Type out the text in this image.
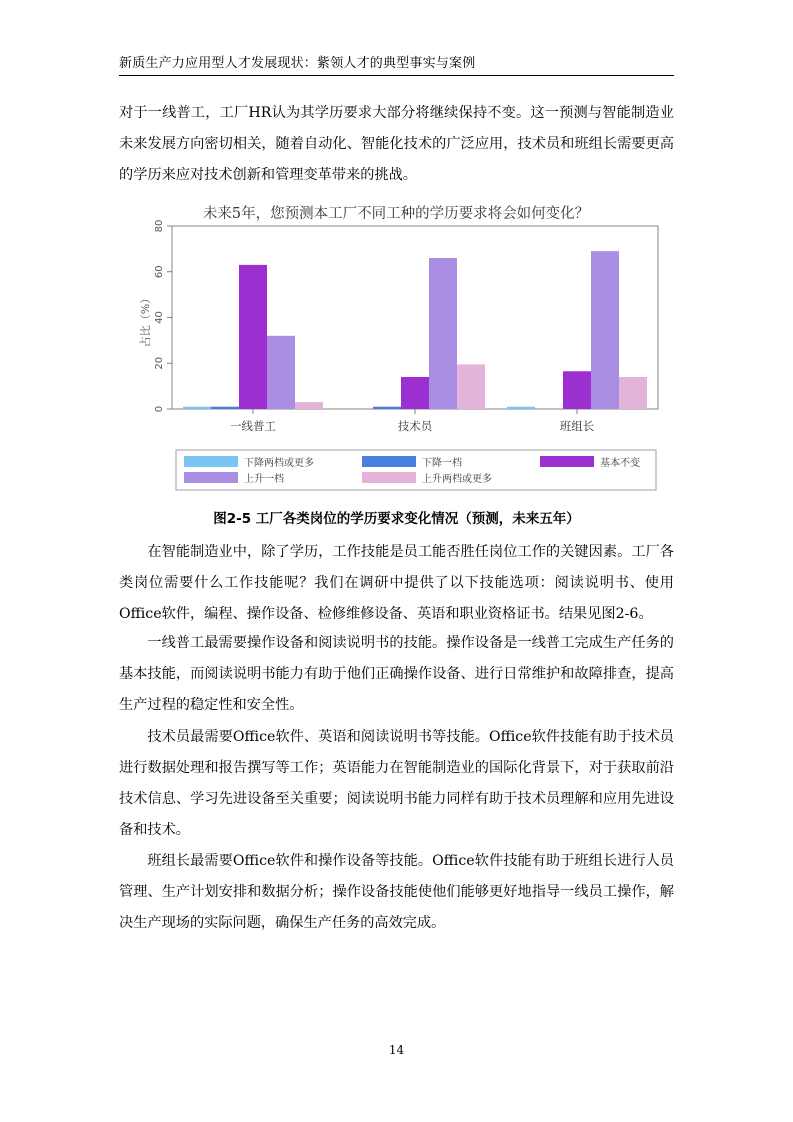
新质生产力应用型人才发展现状：紫领人才的典型事实与案例

对于一线普工，工厂HR认为其学历要求大部分将继续保持不变。这一预测与智能制造业未来发展方向密切相关，随着自动化、智能化技术的广泛应用，技术员和班组长需要更高的学历来应对技术创新和管理变革带来的挑战。

未来5年，您预测本工厂不同工种的学历要求将会如何变化？
0
20
40
60
80
一线普工	技术员	班组长
占比（%）
下降两档或更多	下降一档	基本不变
上升一档	上升两档或更多
图2-5 工厂各类岗位的学历要求变化情况（预测，未来五年）

在智能制造业中，除了学历，工作技能是员工能否胜任岗位工作的关键因素。工厂各类岗位需要什么工作技能呢？我们在调研中提供了以下技能选项：阅读说明书、使用Office软件，编程、操作设备、检修维修设备、英语和职业资格证书。结果见图2-6。

一线普工最需要操作设备和阅读说明书的技能。操作设备是一线普工完成生产任务的基本技能，而阅读说明书能力有助于他们正确操作设备、进行日常维护和故障排查，提高生产过程的稳定性和安全性。

技术员最需要Office软件、英语和阅读说明书等技能。Office软件技能有助于技术员进行数据处理和报告撰写等工作；英语能力在智能制造业的国际化背景下，对于获取前沿技术信息、学习先进设备至关重要；阅读说明书能力同样有助于技术员理解和应用先进设备和技术。

班组长最需要Office软件和操作设备等技能。Office软件技能有助于班组长进行人员管理、生产计划安排和数据分析；操作设备技能使他们能够更好地指导一线员工操作，解决生产现场的实际问题，确保生产任务的高效完成。

14
